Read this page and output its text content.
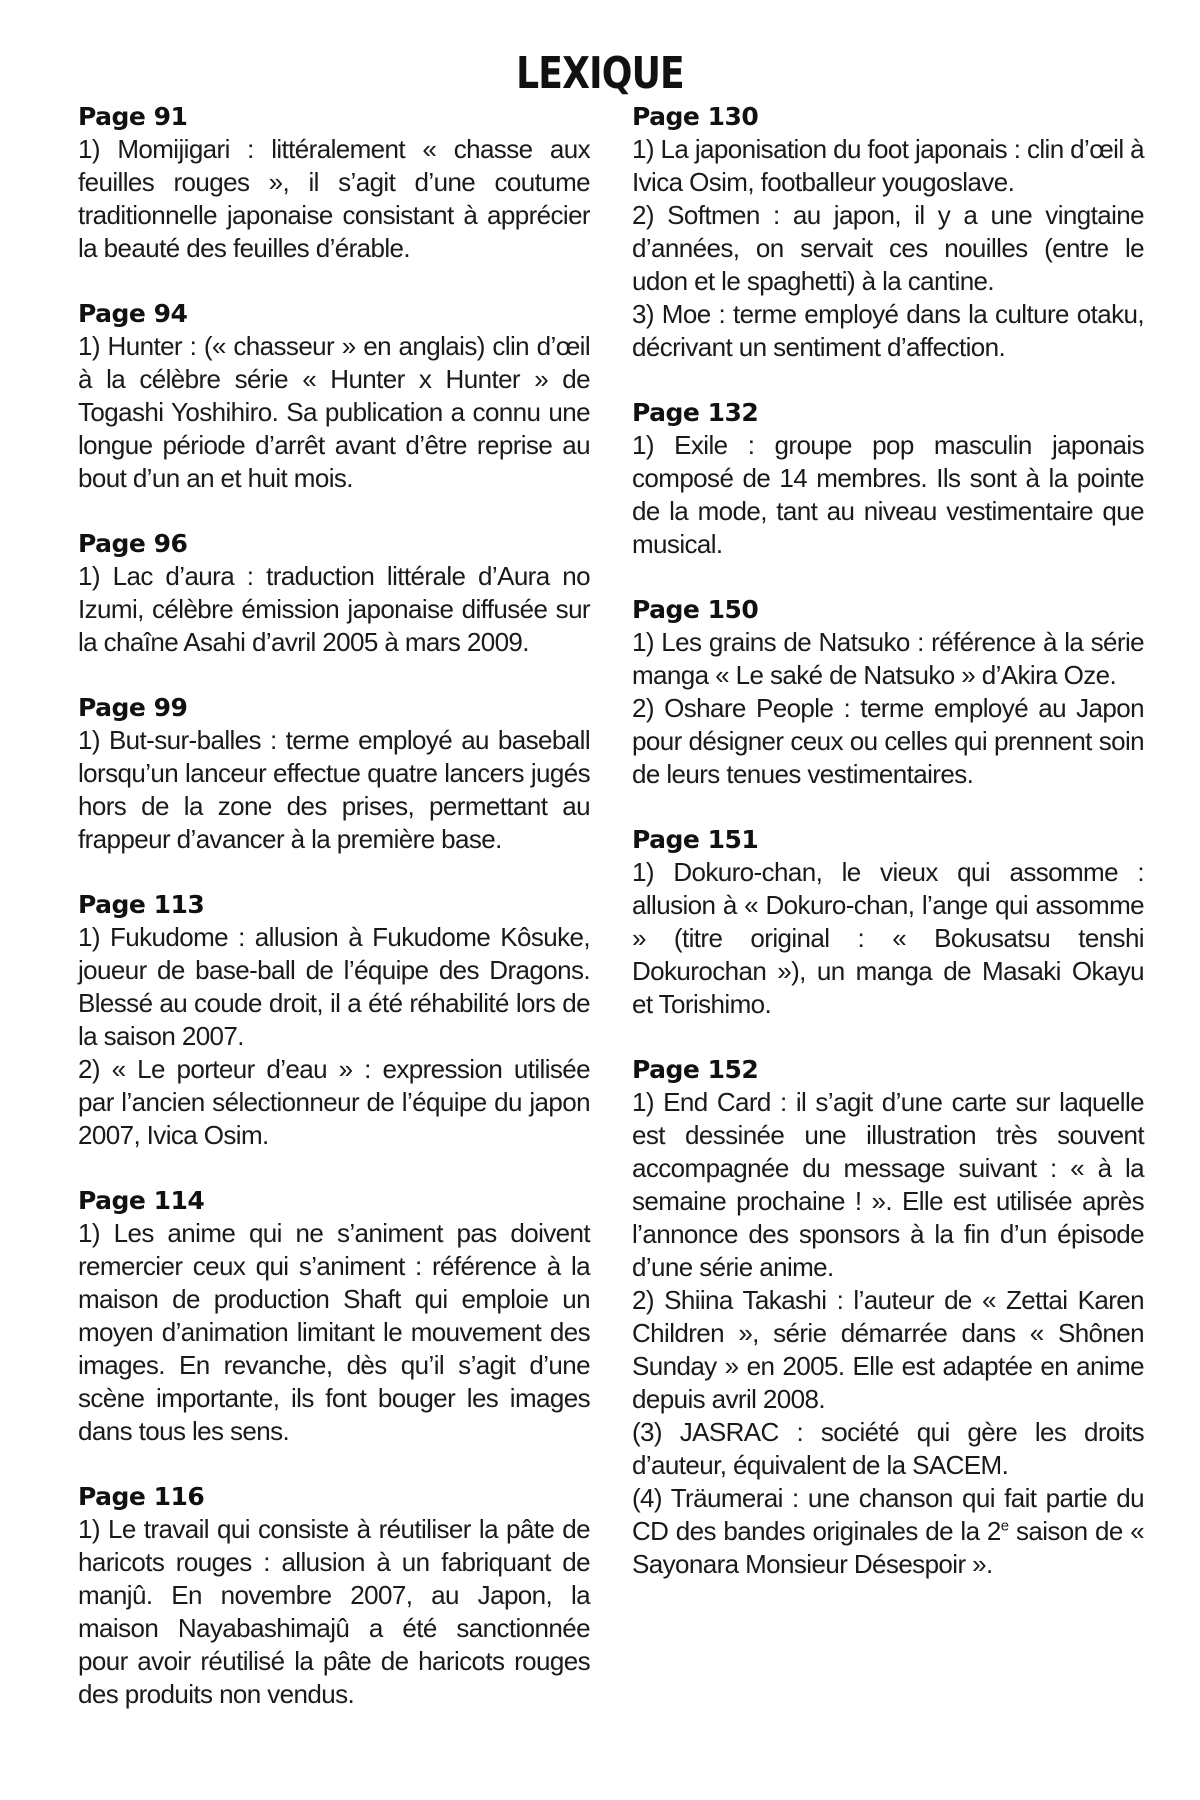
LEXIQUE
Page 91

1) Momijigari : littéralement « chasse aux feuilles rouges », il s’agit d’une coutume traditionnelle japonaise consistant à apprécier la beauté des feuilles d’érable.

Page 94

1) Hunter : (« chasseur » en anglais) clin d’œil à la célèbre série « Hunter x Hunter » de Togashi Yoshihiro. Sa publication a connu une longue période d’arrêt avant d’être reprise au bout d’un an et huit mois.

Page 96

1) Lac d’aura : traduction littérale d’Aura no Izumi, célèbre émission japonaise diffusée sur la chaîne Asahi d’avril 2005 à mars 2009.

Page 99

1) But-sur-balles : terme employé au baseball lorsqu’un lanceur effectue quatre lancers jugés hors de la zone des prises, permettant au frappeur d’avancer à la première base.

Page 113

1) Fukudome : allusion à Fukudome Kôsuke, joueur de base-ball de l’équipe des Dragons. Blessé au coude droit, il a été réhabilité lors de la saison 2007.

2) « Le porteur d’eau » : expression utilisée par l’ancien sélectionneur de l’équipe du japon 2007, Ivica Osim.

Page 114

1) Les anime qui ne s’animent pas doivent remercier ceux qui s’animent : référence à la maison de production Shaft qui emploie un moyen d’animation limitant le mouvement des images. En revanche, dès qu’il s’agit d’une scène importante, ils font bouger les images dans tous les sens.

Page 116

1) Le travail qui consiste à réutiliser la pâte de haricots rouges : allusion à un fabriquant de manjû. En novembre 2007, au Japon, la maison Nayabashimajû a été sanctionnée pour avoir réutilisé la pâte de haricots rouges des produits non vendus.

Page 130

1) La japonisation du foot japonais : clin d’œil à Ivica Osim, footballeur yougoslave.

2) Softmen : au japon, il y a une vingtaine d’années, on servait ces nouilles (entre le udon et le spaghetti) à la cantine.

3) Moe : terme employé dans la culture otaku, décrivant un sentiment d’affection.

Page 132

1) Exile : groupe pop masculin japonais composé de 14 membres. Ils sont à la pointe de la mode, tant au niveau vestimentaire que musical.

Page 150

1) Les grains de Natsuko : référence à la série manga « Le saké de Natsuko » d’Akira Oze.

2) Oshare People : terme employé au Japon pour désigner ceux ou celles qui prennent soin de leurs tenues vestimentaires.

Page 151

1) Dokuro-chan, le vieux qui assomme : allusion à « Dokuro-chan, l’ange qui assomme » (titre original : « Bokusatsu tenshi Dokurochan »), un manga de Masaki Okayu et Torishimo.

Page 152

1) End Card : il s’agit d’une carte sur laquelle est dessinée une illustration très souvent accompagnée du message suivant : « à la semaine prochaine ! ». Elle est utilisée après l’annonce des sponsors à la fin d’un épisode d’une série anime.

2) Shiina Takashi : l’auteur de « Zettai Karen Children », série démarrée dans « Shônen Sunday » en 2005. Elle est adaptée en anime depuis avril 2008.

(3) JASRAC : société qui gère les droits d’auteur, équivalent de la SACEM.

(4) Träumerai : une chanson qui fait partie du CD des bandes originales de la 2e saison de « Sayonara Monsieur Désespoir ».
